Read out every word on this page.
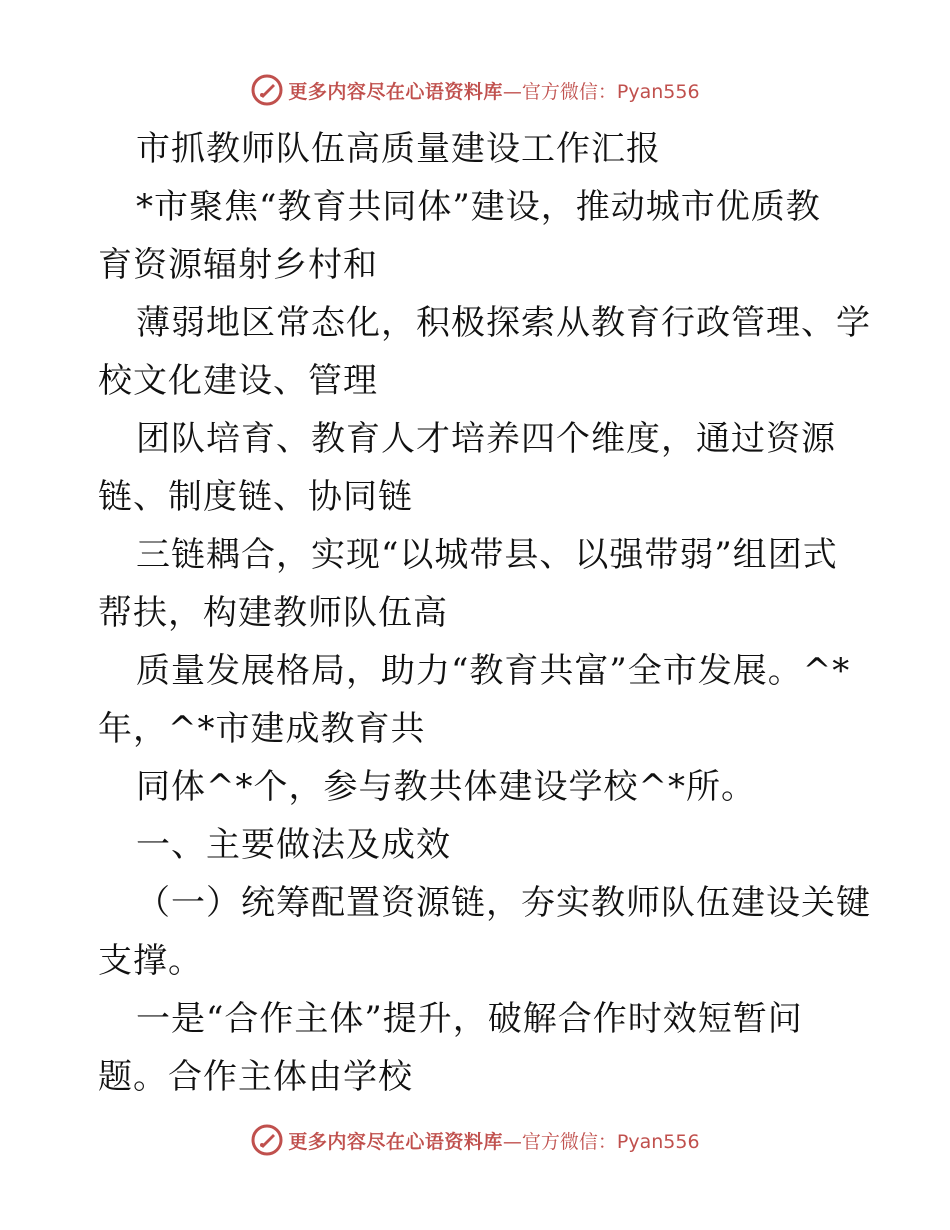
更多内容尽在心语资料库 —官方微信：Pyan556
市抓教师队伍高质量建设工作汇报
*市聚焦“教育共同体”建设，推动城市优质教
育资源辐射乡村和
薄弱地区常态化，积极探索从教育行政管理、学
校文化建设、管理
团队培育、教育人才培养四个维度，通过资源
链、制度链、协同链
三链耦合，实现“以城带县、以强带弱”组团式
帮扶，构建教师队伍高
质量发展格局，助力“教育共富”全市发展。^*
年，^*市建成教育共
同体^*个，参与教共体建设学校^*所。
一、主要做法及成效
（一）统筹配置资源链，夯实教师队伍建设关键
支撑。
一是“合作主体”提升，破解合作时效短暂问
题。合作主体由学校
更多内容尽在心语资料库 —官方微信：Pyan556
